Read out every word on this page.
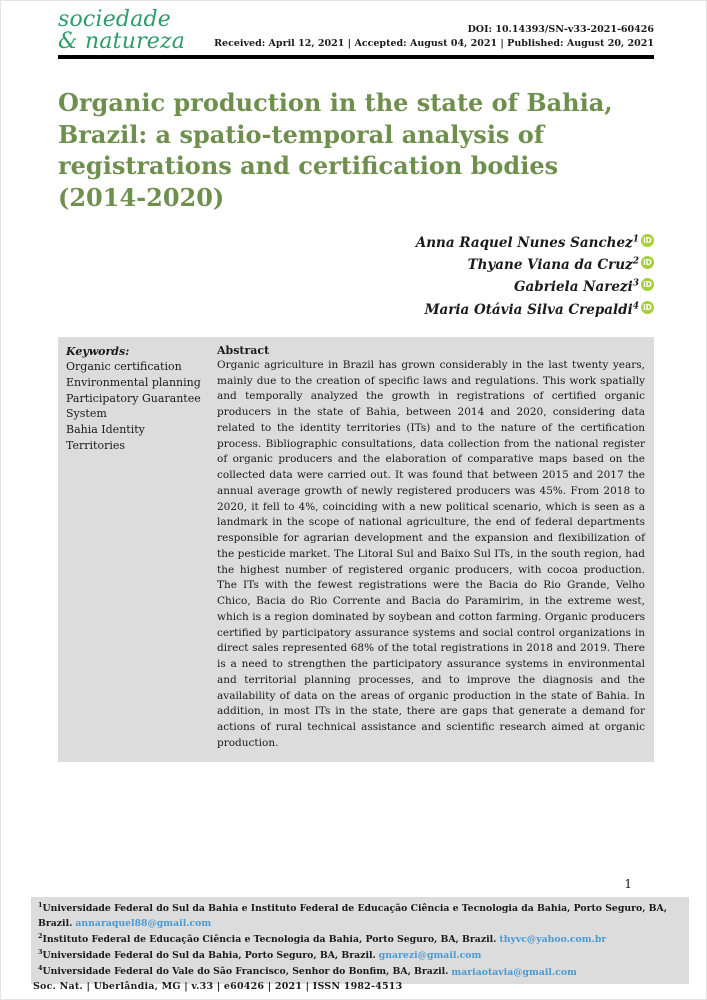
sociedade
& natureza	DOI: 10.14393/SN-v33-2021-60426
Received: April 12, 2021 | Accepted: August 04, 2021 | Published: August 20, 2021
Organic production in the state of Bahia, Brazil: a spatio-temporal analysis of registrations and certification bodies (2014-2020)
Anna Raquel Nunes Sanchez$^1$ iD
Thyane Viana da Cruz$^2$ iD
Gabriela Narezi$^3$ iD
Maria Otávia Silva Crepaldi$^4$ iD
Keywords:
Organic certification
Environmental planning
Participatory Guarantee System
Bahia Identity Territories
Abstract
Organic agriculture in Brazil has grown considerably in the last twenty years, mainly due to the creation of specific laws and regulations. This work spatially and temporally analyzed the growth in registrations of certified organic producers in the state of Bahia, between 2014 and 2020, considering data related to the identity territories (ITs) and to the nature of the certification process. Bibliographic consultations, data collection from the national register of organic producers and the elaboration of comparative maps based on the collected data were carried out. It was found that between 2015 and 2017 the annual average growth of newly registered producers was 45%. From 2018 to 2020, it fell to 4%, coinciding with a new political scenario, which is seen as a landmark in the scope of national agriculture, the end of federal departments responsible for agrarian development and the expansion and flexibilization of the pesticide market. The Litoral Sul and Baixo Sul ITs, in the south region, had the highest number of registered organic producers, with cocoa production. The ITs with the fewest registrations were the Bacia do Rio Grande, Velho Chico, Bacia do Rio Corrente and Bacia do Paramirim, in the extreme west, which is a region dominated by soybean and cotton farming. Organic producers certified by participatory assurance systems and social control organizations in direct sales represented 68% of the total registrations in 2018 and 2019. There is a need to strengthen the participatory assurance systems in environmental and territorial planning processes, and to improve the diagnosis and the availability of data on the areas of organic production in the state of Bahia. In addition, in most ITs in the state, there are gaps that generate a demand for actions of rural technical assistance and scientific research aimed at organic production.
1
$^1$Universidade Federal do Sul da Bahia e Instituto Federal de Educação Ciência e Tecnologia da Bahia, Porto Seguro, BA, Brazil. annaraquel88@gmail.com
$^2$Instituto Federal de Educação Ciência e Tecnologia da Bahia, Porto Seguro, BA, Brazil. thyvc@yahoo.com.br
$^3$Universidade Federal do Sul da Bahia, Porto Seguro, BA, Brazil. gnarezi@gmail.com
$^4$Universidade Federal do Vale do São Francisco, Senhor do Bonfim, BA, Brazil. mariaotavia@gmail.com
Soc. Nat. | Uberlândia, MG | v.33 | e60426 | 2021 | ISSN 1982-4513
